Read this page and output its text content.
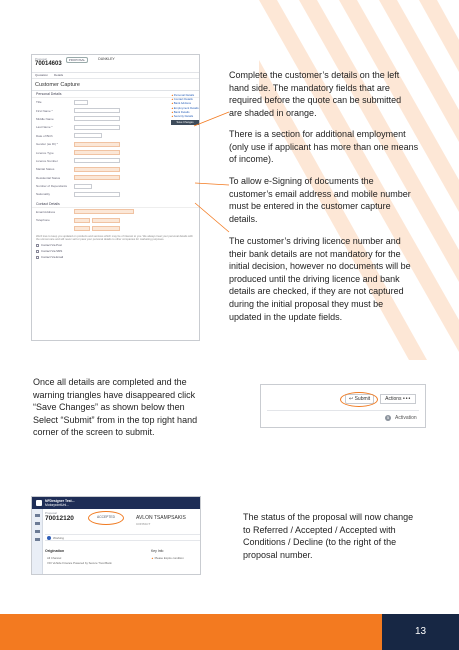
Proposal
70014603
PROPOSAL	DUNKLEY
Quotation Details
Customer Capture
Personal Details
Title
First Name *
Middle Name
Last Name *
Date of Birth
Gender (as ID) *
Licence Type
Licence Number
Marital Status
Residential Status
Number of Dependants
Nationality
Contact Details
Email Address
Telephone
We'd love to keep you updated on products and services which may be of interest to you. We always treat your personal details with the utmost care and will never sell or pass your personal details to other companies for marketing purposes.
Contact Via Post
Contact Via SMS
Contact Via Email
▲ Personal Details
▲ Contact Details
▲ Bank Address
▲ Employment Details
▲ Bank Details
▲ Security Details
Save Changes
Complete the customer’s details on the left
hand side. The mandatory fields that are
required before the quote can be submitted
are shaded in orange.
There is a section for additional employment
(only use if applicant has more than one means
of income).
To allow e-Signing of documents the
customer’s email address and mobile number
must be entered in the customer capture
details.
The customer’s driving licence number and
their bank details are not mandatory for the
initial decision, however no documents will be
produced until the driving licence and bank
details are checked, if they are not captured
during the initial proposal they must be
updated in the update fields.
Once all details are completed and the
warning triangles have disappeared click
“Save Changes” as shown below then
Select “Submit” from in the top right hand
corner of the screen to submit.
↩ Submit	Actions •••
5	Activation
NFDesigner Test...
MotorpointUnl...
Proposal
70012120	ACCEPTED	AVLON TSAMPSAKIS
CONTACT
Working
Origination
All Channel
VIO Vehicle Finance Powered by Secure Trust Bank
Key Info
▲ Please Expire condition
The status of the proposal will now change
to Referred / Accepted / Accepted with
Conditions / Decline (to the right of the
proposal number.
13
